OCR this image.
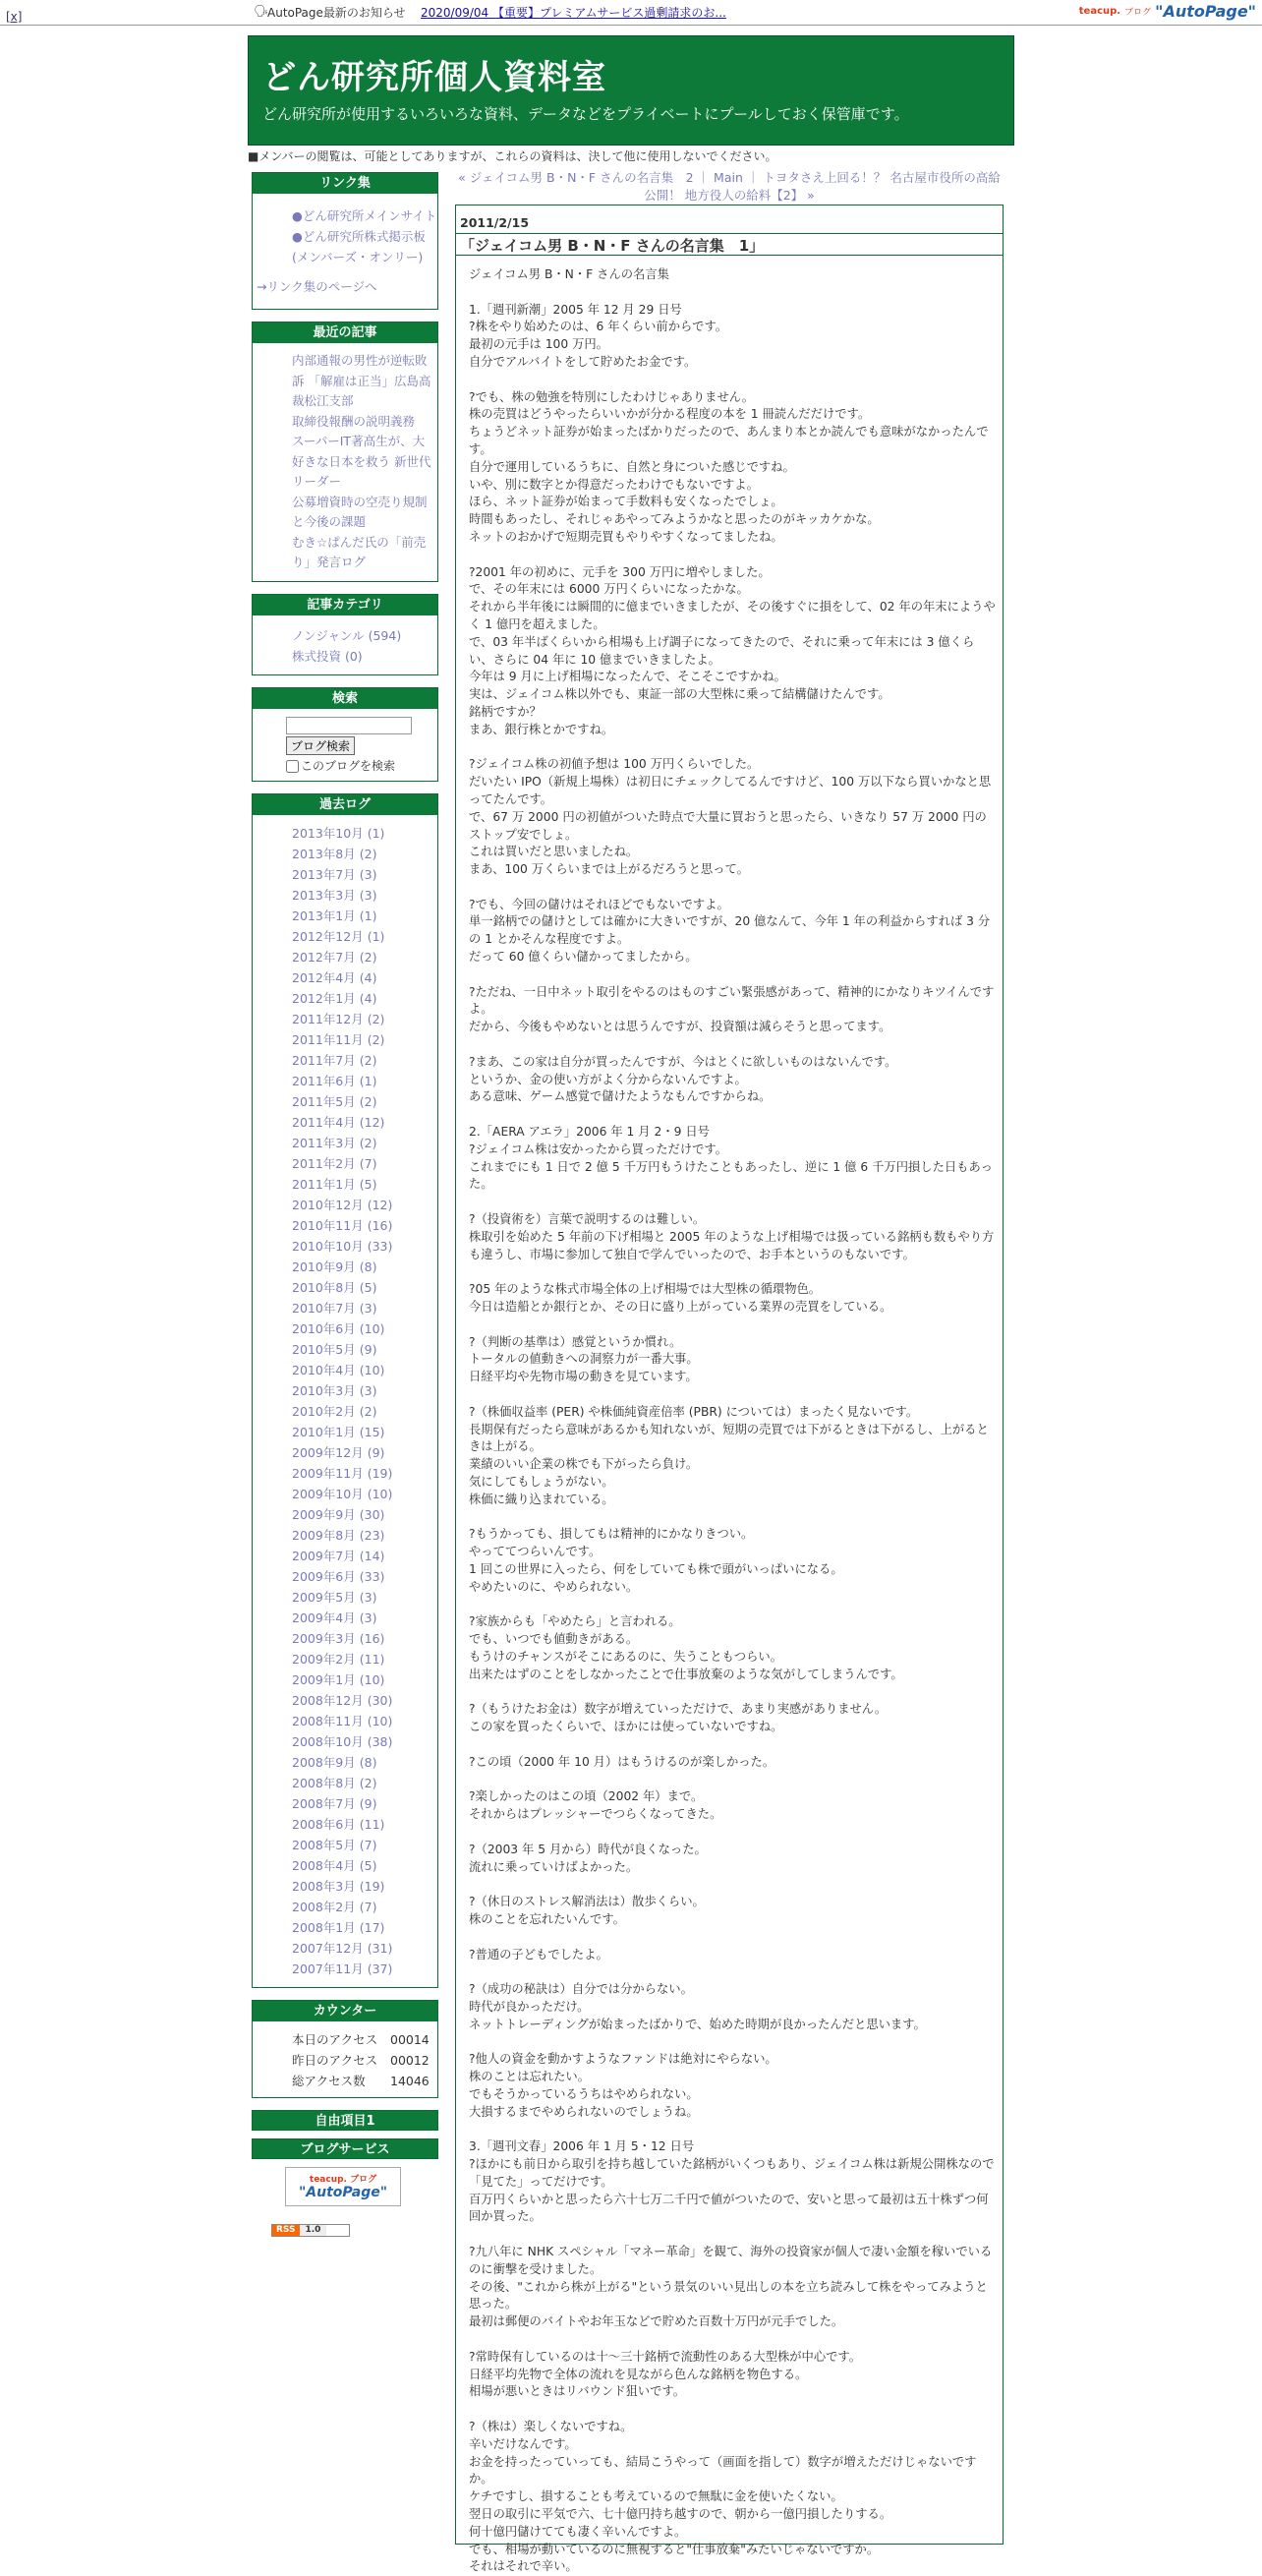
[x]	🗣
AutoPage最新のお知らせ 2020/09/04 【重要】プレミアムサービス過剰請求のお...	teacup. ブログ "AutoPage"
どん研究所個人資料室
どん研究所が使用するいろいろな資料、データなどをプライベートにプールしておく保管庫です。
■メンバーの閲覧は、可能としてありますが、これらの資料は、決して他に使用しないでください。
リンク集
●どん研究所メインサイト
●どん研究所株式掲示板(メンバーズ・オンリー)
→リンク集のページへ
最近の記事
内部通報の男性が逆転敗訴 「解雇は正当」広島高裁松江支部
取締役報酬の説明義務
スーパーIT著高生が、大好きな日本を救う 新世代リーダー
公募増資時の空売り規制と今後の課題
むき☆ぱんだ氏の「前売り」発言ログ
記事カテゴリ
ノンジャンル (594)
株式投資 (0)
検索
ブログ検索
このブログを検索
過去ログ
2013年10月 (1)
2013年8月 (2)
2013年7月 (3)
2013年3月 (3)
2013年1月 (1)
2012年12月 (1)
2012年7月 (2)
2012年4月 (4)
2012年1月 (4)
2011年12月 (2)
2011年11月 (2)
2011年7月 (2)
2011年6月 (1)
2011年5月 (2)
2011年4月 (12)
2011年3月 (2)
2011年2月 (7)
2011年1月 (5)
2010年12月 (12)
2010年11月 (16)
2010年10月 (33)
2010年9月 (8)
2010年8月 (5)
2010年7月 (3)
2010年6月 (10)
2010年5月 (9)
2010年4月 (10)
2010年3月 (3)
2010年2月 (2)
2010年1月 (15)
2009年12月 (9)
2009年11月 (19)
2009年10月 (10)
2009年9月 (30)
2009年8月 (23)
2009年7月 (14)
2009年6月 (33)
2009年5月 (3)
2009年4月 (3)
2009年3月 (16)
2009年2月 (11)
2009年1月 (10)
2008年12月 (30)
2008年11月 (10)
2008年10月 (38)
2008年9月 (8)
2008年8月 (2)
2008年7月 (9)
2008年6月 (11)
2008年5月 (7)
2008年4月 (5)
2008年3月 (19)
2008年2月 (7)
2008年1月 (17)
2007年12月 (31)
2007年11月 (37)
カウンター
本日のアクセス	00014
昨日のアクセス	00012
総アクセス数	14046
自由項目1
ブログサービス
teacup. ブログ
"AutoPage"
RSS	1.0
« ジェイコム男 B・N・F さんの名言集　2 ｜ Main ｜ トヨタさえ上回る！？ 名古屋市役所の高給 公開！ 地方役人の給料【2】 »
2011/2/15
「ジェイコム男 B・N・F さんの名言集　1」
ジェイコム男 B・N・F さんの名言集

1.「週刊新潮」2005 年 12 月 29 日号
?株をやり始めたのは、6 年くらい前からです。
最初の元手は 100 万円。
自分でアルバイトをして貯めたお金です。

?でも、株の勉強を特別にしたわけじゃありません。
株の売買はどうやったらいいかが分かる程度の本を 1 冊読んだだけです。
ちょうどネット証券が始まったばかりだったので、あんまり本とか読んでも意味がなかったんです。
自分で運用しているうちに、自然と身についた感じですね。
いや、別に数字とか得意だったわけでもないですよ。
ほら、ネット証券が始まって手数料も安くなったでしょ。
時間もあったし、それじゃあやってみようかなと思ったのがキッカケかな。
ネットのおかげで短期売買もやりやすくなってましたね。

?2001 年の初めに、元手を 300 万円に増やしました。
で、その年末には 6000 万円くらいになったかな。
それから半年後には瞬間的に億までいきましたが、その後すぐに損をして、02 年の年末にようやく 1 億円を超えました。
で、03 年半ばくらいから相場も上げ調子になってきたので、それに乗って年末には 3 億くらい、さらに 04 年に 10 億までいきましたよ。
今年は 9 月に上げ相場になったんで、そこそこですかね。
実は、ジェイコム株以外でも、東証一部の大型株に乗って結構儲けたんです。
銘柄ですか？
まあ、銀行株とかですね。

?ジェイコム株の初値予想は 100 万円くらいでした。
だいたい IPO（新規上場株）は初日にチェックしてるんですけど、100 万以下なら買いかなと思ってたんです。
で、67 万 2000 円の初値がついた時点で大量に買おうと思ったら、いきなり 57 万 2000 円のストップ安でしょ。
これは買いだと思いましたね。
まあ、100 万くらいまでは上がるだろうと思って。

?でも、今回の儲けはそれほどでもないですよ。
単一銘柄での儲けとしては確かに大きいですが、20 億なんて、今年 1 年の利益からすれば 3 分の 1 とかそんな程度ですよ。
だって 60 億くらい儲かってましたから。

?ただね、一日中ネット取引をやるのはものすごい緊張感があって、精神的にかなりキツイんですよ。
だから、今後もやめないとは思うんですが、投資額は減らそうと思ってます。

?まあ、この家は自分が買ったんですが、今はとくに欲しいものはないんです。
というか、金の使い方がよく分からないんですよ。
ある意味、ゲーム感覚で儲けたようなもんですからね。

2.「AERA アエラ」2006 年 1 月 2・9 日号
?ジェイコム株は安かったから買っただけです。
これまでにも 1 日で 2 億 5 千万円もうけたこともあったし、逆に 1 億 6 千万円損した日もあった。

?（投資術を）言葉で説明するのは難しい。
株取引を始めた 5 年前の下げ相場と 2005 年のような上げ相場では扱っている銘柄も数もやり方も違うし、市場に参加して独自で学んでいったので、お手本というのもないです。

?05 年のような株式市場全体の上げ相場では大型株の循環物色。
今日は造船とか銀行とか、その日に盛り上がっている業界の売買をしている。

?（判断の基準は）感覚というか慣れ。
トータルの値動きへの洞察力が一番大事。
日経平均や先物市場の動きを見ています。

?（株価収益率 (PER) や株価純資産倍率 (PBR) については）まったく見ないです。
長期保有だったら意味があるかも知れないが、短期の売買では下がるときは下がるし、上がるときは上がる。
業績のいい企業の株でも下がったら負け。
気にしてもしょうがない。
株価に織り込まれている。

?もうかっても、損してもは精神的にかなりきつい。
やっててつらいんです。
1 回この世界に入ったら、何をしていても株で頭がいっぱいになる。
やめたいのに、やめられない。

?家族からも「やめたら」と言われる。
でも、いつでも値動きがある。
もうけのチャンスがそこにあるのに、失うこともつらい。
出来たはずのことをしなかったことで仕事放棄のような気がしてしまうんです。

?（もうけたお金は）数字が増えていっただけで、あまり実感がありません。
この家を買ったくらいで、ほかには使っていないですね。

?この頃（2000 年 10 月）はもうけるのが楽しかった。

?楽しかったのはこの頃（2002 年）まで。
それからはプレッシャーでつらくなってきた。

?（2003 年 5 月から）時代が良くなった。
流れに乗っていけばよかった。

?（休日のストレス解消法は）散歩くらい。
株のことを忘れたいんです。

?普通の子どもでしたよ。

?（成功の秘訣は）自分では分からない。
時代が良かっただけ。
ネットトレーディングが始まったばかりで、始めた時期が良かったんだと思います。

?他人の資金を動かすようなファンドは絶対にやらない。
株のことは忘れたい。
でもそうかっているうちはやめられない。
大損するまでやめられないのでしょうね。

3.「週刊文春」2006 年 1 月 5・12 日号
?ほかにも前日から取引を持ち越していた銘柄がいくつもあり、ジェイコム株は新規公開株なので「見てた」ってだけです。
百万円くらいかと思ったら六十七万二千円で値がついたので、安いと思って最初は五十株ずつ何回か買った。

?九八年に NHK スペシャル「マネー革命」を観て、海外の投資家が個人で凄い金額を稼いでいるのに衝撃を受けました。
その後、"これから株が上がる"という景気のいい見出しの本を立ち読みして株をやってみようと思った。
最初は郵便のバイトやお年玉などで貯めた百数十万円が元手でした。

?常時保有しているのは十～三十銘柄で流動性のある大型株が中心です。
日経平均先物で全体の流れを見ながら色んな銘柄を物色する。
相場が悪いときはリバウンド狙いです。

?（株は）楽しくないですね。
辛いだけなんです。
お金を持ったっていっても、結局こうやって（画面を指して）数字が増えただけじゃないですか。
ケチですし、損することも考えているので無駄に金を使いたくない。
翌日の取引に平気で六、七十億円持ち越すので、朝から一億円損したりする。
何十億円儲けてても凄く辛いんですよ。
でも、相場が動いているのに無視すると"仕事放棄"みたいじゃないですか。
それはそれで辛い。
